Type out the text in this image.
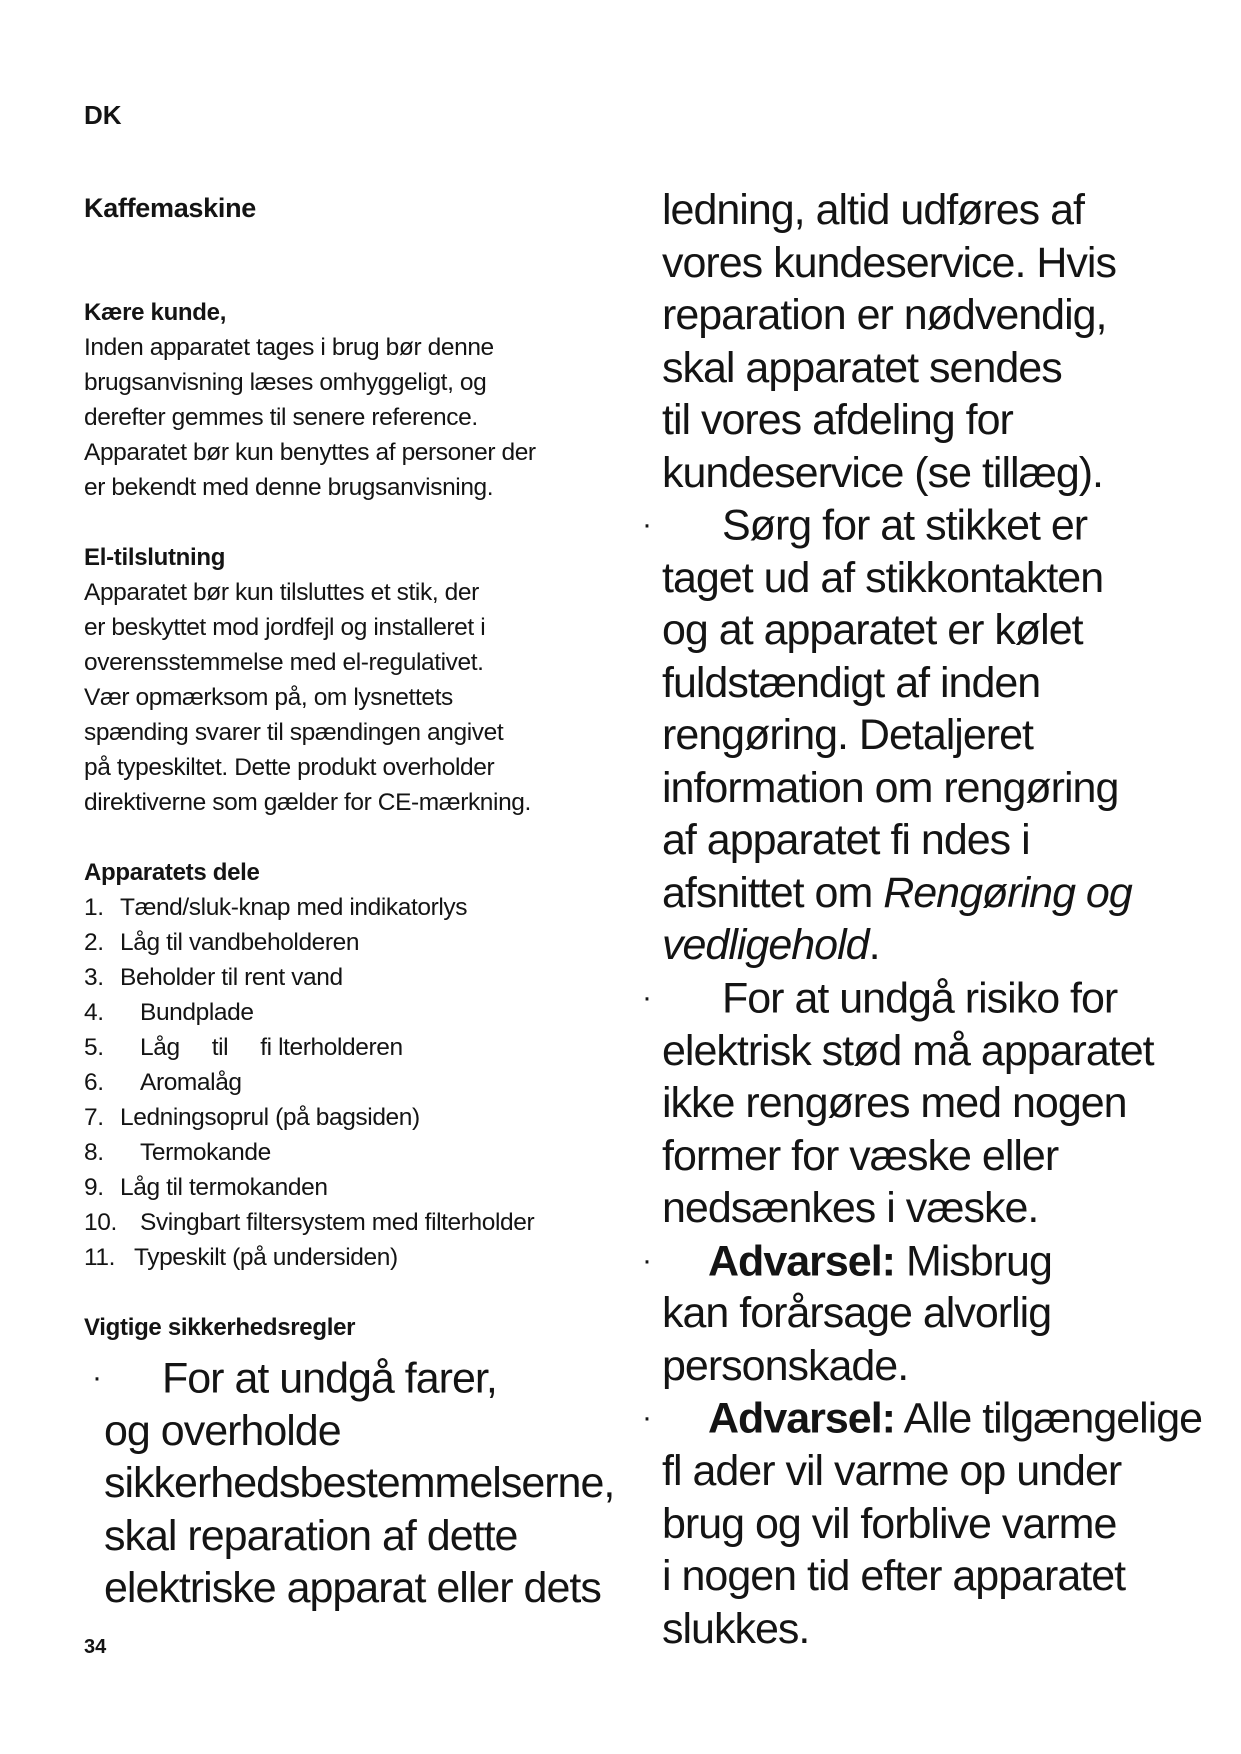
DK
Kaffemaskine
Kære kunde,
Inden apparatet tages i brug bør denne
brugsanvisning læses omhyggeligt, og
derefter gemmes til senere reference.
Apparatet bør kun benyttes af personer der
er bekendt med denne brugsanvisning.
El-tilslutning
Apparatet bør kun tilsluttes et stik, der
er beskyttet mod jordfejl og installeret i
overensstemmelse med el-regulativet.
Vær opmærksom på, om lysnettets
spænding svarer til spændingen angivet
på typeskiltet. Dette produkt overholder
direktiverne som gælder for CE-mærkning.
Apparatets dele
1. Tænd/sluk-knap med indikatorlys
2. Låg til vandbeholderen
3. Beholder til rent vand
4. Bundplade
5. Låg     til     fi lterholderen
6. Aromalåg
7. Ledningsoprul (på bagsiden)
8. Termokande
9. Låg til termokanden
10. Svingbart filtersystem med filterholder
11. Typeskilt (på undersiden)
Vigtige sikkerhedsregler
· For at undgå farer,
og overholde
sikkerhedsbestemmelserne,
skal reparation af dette
elektriske apparat eller dets
ledning, altid udføres af
vores kundeservice. Hvis
reparation er nødvendig,
skal apparatet sendes
til vores afdeling for
kundeservice (se tillæg).
· Sørg for at stikket er
taget ud af stikkontakten
og at apparatet er kølet
fuldstændigt af inden
rengøring. Detaljeret
information om rengøring
af apparatet fi ndes i
afsnittet om Rengøring og
vedligehold.
· For at undgå risiko for
elektrisk stød må apparatet
ikke rengøres med nogen
former for væske eller
nedsænkes i væske.
· Advarsel: Misbrug
kan forårsage alvorlig
personskade.
· Advarsel: Alle tilgængelige
fl ader vil varme op under
brug og vil forblive varme
i nogen tid efter apparatet
slukkes.
34
